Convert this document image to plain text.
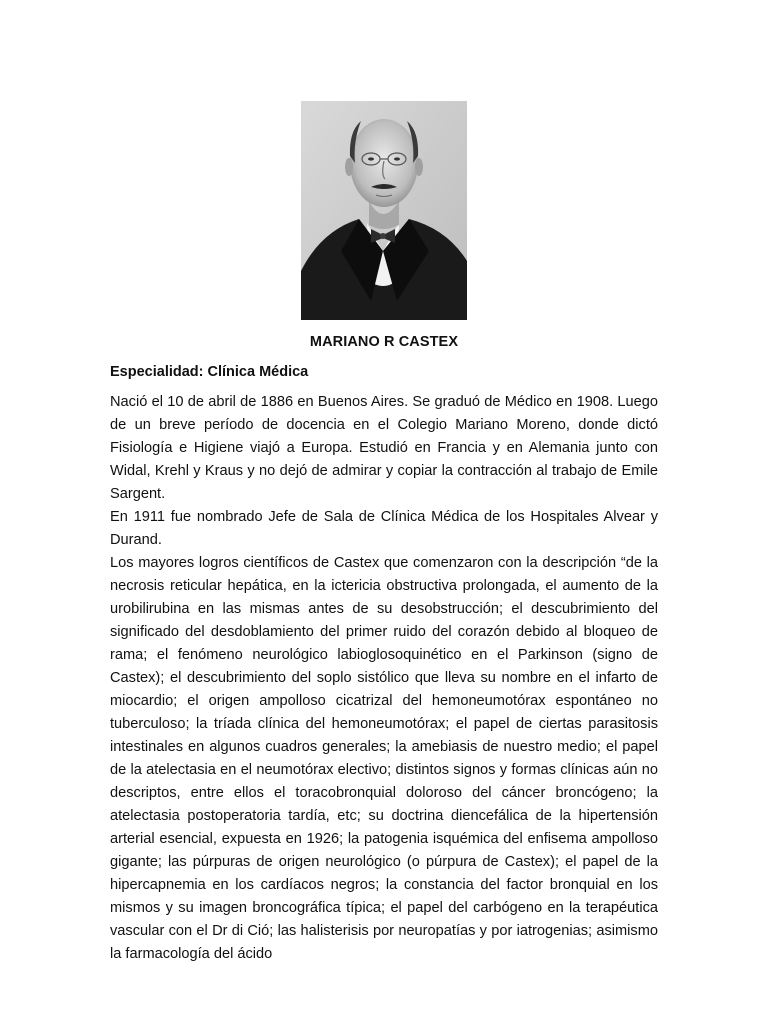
MARIANO R CASTEX
Especialidad: Clínica Médica

Nació el 10 de abril de 1886 en Buenos Aires. Se graduó de Médico en 1908. Luego de un breve período de docencia en el Colegio Mariano Moreno, donde dictó Fisiología e Higiene viajó a Europa. Estudió en Francia y en Alemania junto con Widal, Krehl y Kraus y no dejó de admirar y copiar la contracción al trabajo de Emile Sargent.

En 1911 fue nombrado Jefe de Sala de Clínica Médica de los Hospitales Alvear y Durand.

Los mayores logros científicos de Castex que comenzaron con la descripción “de la necrosis reticular hepática, en la ictericia obstructiva prolongada, el aumento de la urobilirubina en las mismas antes de su desobstrucción; el descubrimiento del significado del desdoblamiento del primer ruido del corazón debido al bloqueo de rama; el fenómeno neurológico labioglosoquinético en el Parkinson (signo de Castex); el descubrimiento del soplo sistólico que lleva su nombre en el infarto de miocardio; el origen ampolloso cicatrizal del hemoneumotórax espontáneo no tuberculoso; la tríada clínica del hemoneumotórax; el papel de ciertas parasitosis intestinales en algunos cuadros generales; la amebiasis de nuestro medio; el papel de la atelectasia en el neumotórax electivo; distintos signos y formas clínicas aún no descriptos, entre ellos el toracobronquial doloroso del cáncer broncógeno; la atelectasia postoperatoria tardía, etc; su doctrina diencefálica de la hipertensión arterial esencial, expuesta en 1926; la patogenia isquémica del enfisema ampolloso gigante; las púrpuras de origen neurológico (o púrpura de Castex); el papel de la hipercapnemia en los cardíacos negros; la constancia del factor bronquial en los mismos y su imagen broncográfica típica; el papel del carbógeno en la terapéutica vascular con el Dr di Ció; las halisterisis por neuropatías y por iatrogenias; asimismo la farmacología del ácido
